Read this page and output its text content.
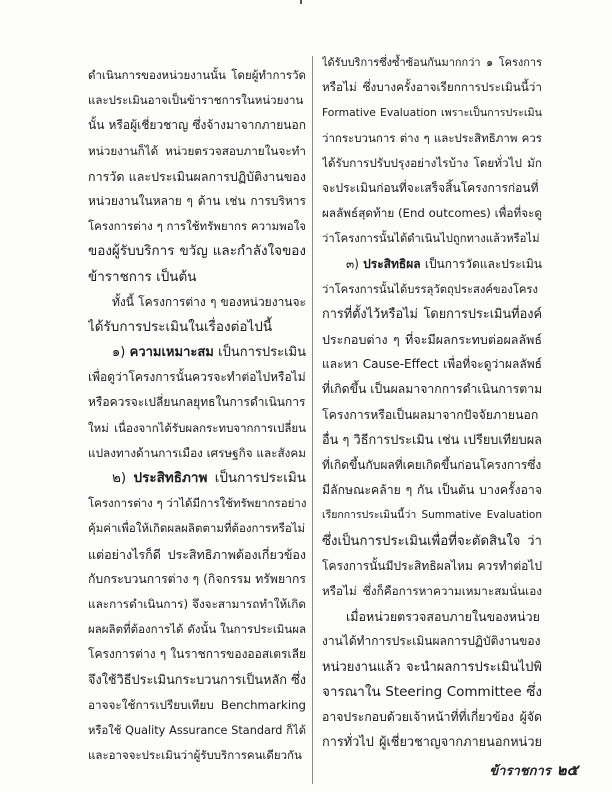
ดำเนินการของหน่วยงานนั้น โดยผู้ทำการวัด
และประเมินอาจเป็นข้าราชการในหน่วยงาน
นั้น หรือผู้เชี่ยวชาญ ซึ่งจ้างมาจากภายนอก
หน่วยงานก็ได้ หน่วยตรวจสอบภายในจะทำ
การวัด และประเมินผลการปฏิบัติงานของ
หน่วยงานในหลาย ๆ ด้าน เช่น การบริหาร
โครงการต่าง ๆ การใช้ทรัพยากร ความพอใจ
ของผู้รับบริการ ขวัญ และกำลังใจของ
ข้าราชการ เป็นต้น
ทั้งนี้ โครงการต่าง ๆ ของหน่วยงานจะ
ได้รับการประเมินในเรื่องต่อไปนี้
๑) ความเหมาะสม เป็นการประเมิน
เพื่อดูว่าโครงการนั้นควรจะทำต่อไปหรือไม่
หรือควรจะเปลี่ยนกลยุทธในการดำเนินการ
ใหม่ เนื่องจากได้รับผลกระทบจากการเปลี่ยน
แปลงทางด้านการเมือง เศรษฐกิจ และสังคม
๒) ประสิทธิภาพ เป็นการประเมิน
โครงการต่าง ๆ ว่าได้มีการใช้ทรัพยากรอย่าง
คุ้มค่าเพื่อให้เกิดผลผลิตตามที่ต้องการหรือไม่
แต่อย่างไรก็ดี ประสิทธิภาพต้องเกี่ยวข้อง
กับกระบวนการต่าง ๆ (กิจกรรม ทรัพยากร
และการดำเนินการ) จึงจะสามารถทำให้เกิด
ผลผลิตที่ต้องการได้ ดังนั้น ในการประเมินผล
โครงการต่าง ๆ ในราชการของออสเตรเลีย
จึงใช้วิธีประเมินกระบวนการเป็นหลัก ซึ่ง
อาจจะใช้การเปรียบเทียบ Benchmarking
หรือใช้ Quality Assurance Standard ก็ได้
และอาจจะประเมินว่าผู้รับบริการคนเดียวกัน
ได้รับบริการซึ่งซ้ำซ้อนกันมากกว่า ๑ โครงการ
หรือไม่ ซึ่งบางครั้งอาจเรียกการประเมินนี้ว่า
Formative Evaluation เพราะเป็นการประเมิน
ว่ากระบวนการ ต่าง ๆ และประสิทธิภาพ ควร
ได้รับการปรับปรุงอย่างไรบ้าง โดยทั่วไป มัก
จะประเมินก่อนที่จะเสร็จสิ้นโครงการก่อนที่
ผลลัพธ์สุดท้าย (End outcomes) เพื่อที่จะดู
ว่าโครงการนั้นได้ดำเนินไปถูกทางแล้วหรือไม่
๓) ประสิทธิผล เป็นการวัดและประเมิน
ว่าโครงการนั้นได้บรรลุวัตถุประสงค์ของโครง
การที่ตั้งไว้หรือไม่ โดยการประเมินที่องค์
ประกอบต่าง ๆ ที่จะมีผลกระทบต่อผลลัพธ์
และหา Cause-Effect เพื่อที่จะดูว่าผลลัพธ์
ที่เกิดขึ้น เป็นผลมาจากการดำเนินการตาม
โครงการหรือเป็นผลมาจากปัจจัยภายนอก
อื่น ๆ วิธีการประเมิน เช่น เปรียบเทียบผล
ที่เกิดขึ้นกับผลที่เคยเกิดขึ้นก่อนโครงการซึ่ง
มีลักษณะคล้าย ๆ กัน เป็นต้น บางครั้งอาจ
เรียกการประเมินนี้ว่า Summative Evaluation
ซึ่งเป็นการประเมินเพื่อที่จะตัดสินใจ ว่า
โครงการนั้นมีประสิทธิผลไหม ควรทำต่อไป
หรือไม่ ซึ่งก็คือการหาความเหมาะสมนั่นเอง
เมื่อหน่วยตรวจสอบภายในของหน่วย
งานได้ทำการประเมินผลการปฏิบัติงานของ
หน่วยงานแล้ว จะนำผลการประเมินไปพิ
จารณาใน Steering Committee ซึ่ง
อาจประกอบด้วยเจ้าหน้าที่ที่เกี่ยวข้อง ผู้จัด
การทั่วไป ผู้เชี่ยวชาญจากภายนอกหน่วย
ข้าราชการ ๒๕
